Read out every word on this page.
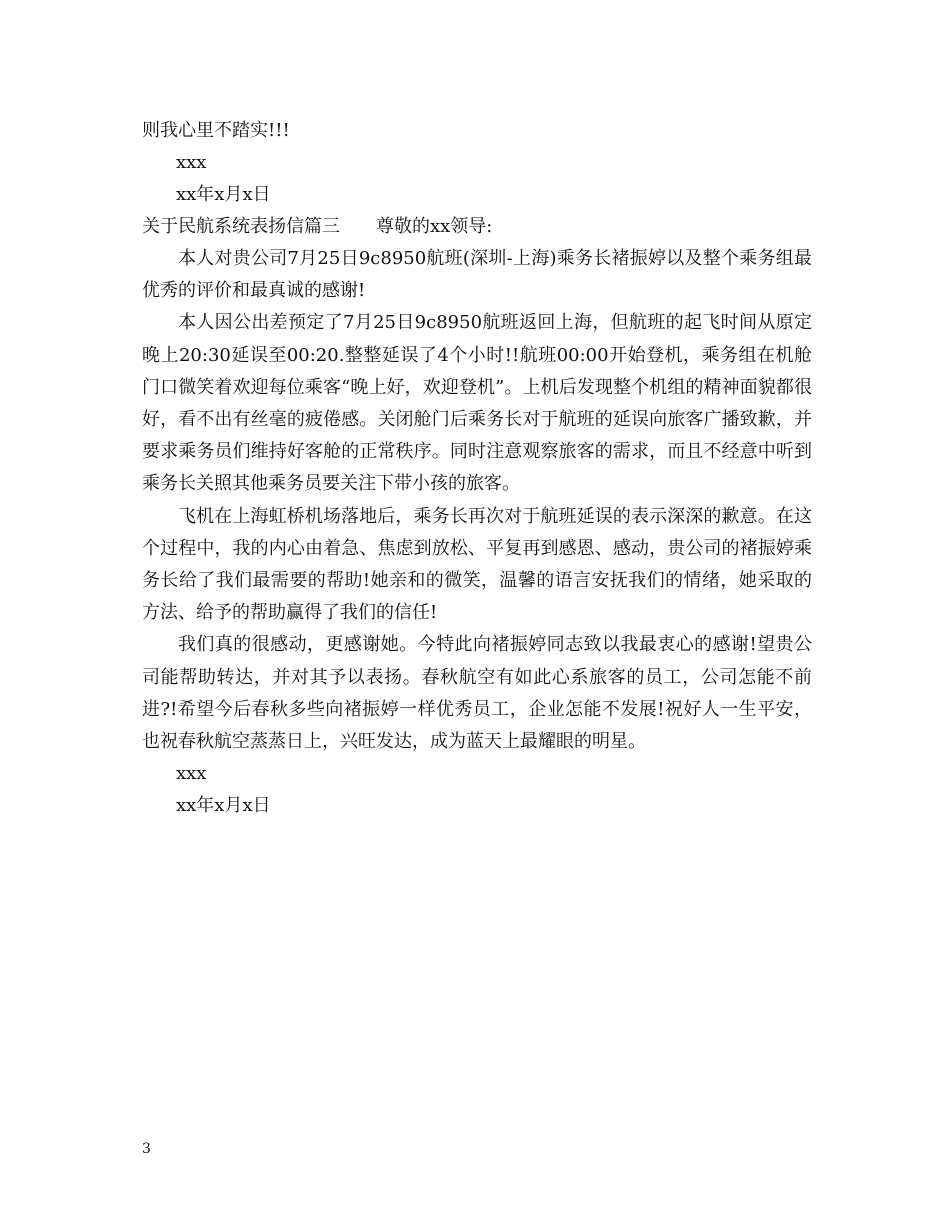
则我心里不踏实!!!

xxx

xx年x月x日

关于民航系统表扬信篇三 尊敬的xx领导:

本人对贵公司7月25日9c8950航班(深圳-上海)乘务长褚振婷以及整个乘务组最优秀的评价和最真诚的感谢!

本人因公出差预定了7月25日9c8950航班返回上海，但航班的起飞时间从原定晚上20:30延误至00:20.整整延误了4个小时!!航班00:00开始登机，乘务组在机舱门口微笑着欢迎每位乘客“晚上好，欢迎登机”。上机后发现整个机组的精神面貌都很好，看不出有丝毫的疲倦感。关闭舱门后乘务长对于航班的延误向旅客广播致歉，并要求乘务员们维持好客舱的正常秩序。同时注意观察旅客的需求，而且不经意中听到乘务长关照其他乘务员要关注下带小孩的旅客。

飞机在上海虹桥机场落地后，乘务长再次对于航班延误的表示深深的歉意。在这个过程中，我的内心由着急、焦虑到放松、平复再到感恩、感动，贵公司的褚振婷乘务长给了我们最需要的帮助!她亲和的微笑，温馨的语言安抚我们的情绪，她采取的方法、给予的帮助赢得了我们的信任!

我们真的很感动，更感谢她。今特此向褚振婷同志致以我最衷心的感谢!望贵公司能帮助转达，并对其予以表扬。春秋航空有如此心系旅客的员工，公司怎能不前进?!希望今后春秋多些向褚振婷一样优秀员工，企业怎能不发展!祝好人一生平安，也祝春秋航空蒸蒸日上，兴旺发达，成为蓝天上最耀眼的明星。

xxx

xx年x月x日

3
